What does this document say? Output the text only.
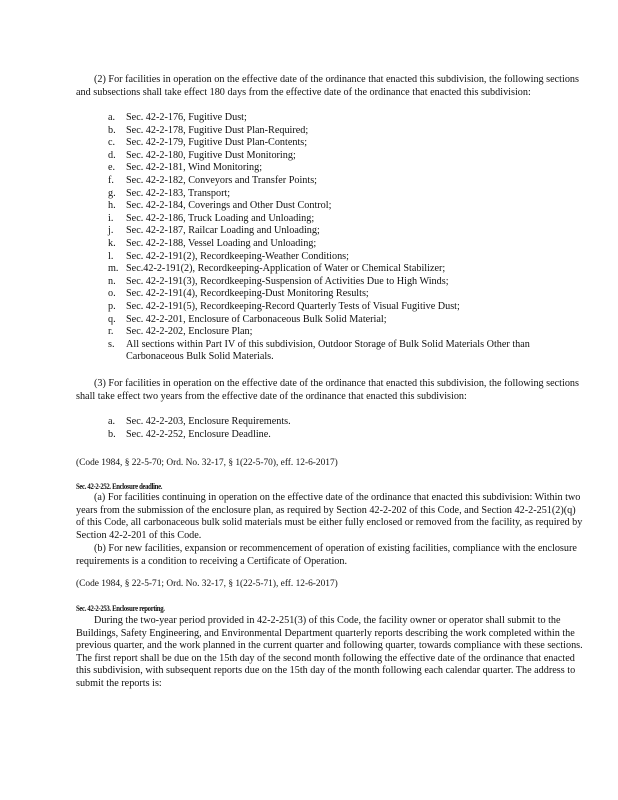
(2) For facilities in operation on the effective date of the ordinance that enacted this subdivision, the following sections and subsections shall take effect 180 days from the effective date of the ordinance that enacted this subdivision:

a.	Sec. 42-2-176, Fugitive Dust;
b.	Sec. 42-2-178, Fugitive Dust Plan-Required;
c.	Sec. 42-2-179, Fugitive Dust Plan-Contents;
d.	Sec. 42-2-180, Fugitive Dust Monitoring;
e.	Sec. 42-2-181, Wind Monitoring;
f.	Sec. 42-2-182, Conveyors and Transfer Points;
g.	Sec. 42-2-183, Transport;
h.	Sec. 42-2-184, Coverings and Other Dust Control;
i.	Sec. 42-2-186, Truck Loading and Unloading;
j.	Sec. 42-2-187, Railcar Loading and Unloading;
k.	Sec. 42-2-188, Vessel Loading and Unloading;
l.	Sec. 42-2-191(2), Recordkeeping-Weather Conditions;
m. Sec.42-2-191(2), Recordkeeping-Application of Water or Chemical Stabilizer;
n.	Sec. 42-2-191(3), Recordkeeping-Suspension of Activities Due to High Winds;
o.	Sec. 42-2-191(4), Recordkeeping-Dust Monitoring Results;
p.	Sec. 42-2-191(5), Recordkeeping-Record Quarterly Tests of Visual Fugitive Dust;
q.	Sec. 42-2-201, Enclosure of Carbonaceous Bulk Solid Material;
r.	Sec. 42-2-202, Enclosure Plan;
s.	All sections within Part IV of this subdivision, Outdoor Storage of Bulk Solid Materials Other than Carbonaceous Bulk Solid Materials.

(3) For facilities in operation on the effective date of the ordinance that enacted this subdivision, the following sections shall take effect two years from the effective date of the ordinance that enacted this subdivision:

a.	Sec. 42-2-203, Enclosure Requirements.
b.	Sec. 42-2-252, Enclosure Deadline.

(Code 1984, § 22-5-70; Ord. No. 32-17, § 1(22-5-70), eff. 12-6-2017)

Sec. 42-2-252. Enclosure deadline.

(a) For facilities continuing in operation on the effective date of the ordinance that enacted this subdivision: Within two years from the submission of the enclosure plan, as required by Section 42-2-202 of this Code, and Section 42-2-251(2)(q) of this Code, all carbonaceous bulk solid materials must be either fully enclosed or removed from the facility, as required by Section 42-2-201 of this Code.

(b) For new facilities, expansion or recommencement of operation of existing facilities, compliance with the enclosure requirements is a condition to receiving a Certificate of Operation.

(Code 1984, § 22-5-71; Ord. No. 32-17, § 1(22-5-71), eff. 12-6-2017)

Sec. 42-2-253. Enclosure reporting.

During the two-year period provided in 42-2-251(3) of this Code, the facility owner or operator shall submit to the Buildings, Safety Engineering, and Environmental Department quarterly reports describing the work completed within the previous quarter, and the work planned in the current quarter and following quarter, towards compliance with these sections. The first report shall be due on the 15th day of the second month following the effective date of the ordinance that enacted this subdivision, with subsequent reports due on the 15th day of the month following each calendar quarter. The address to submit the reports is:
